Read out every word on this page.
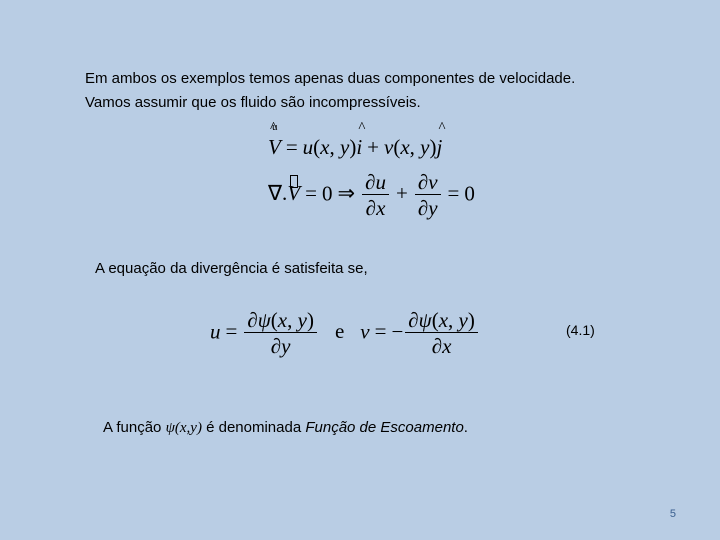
Em ambos os exemplos temos apenas duas componentes de velocidade.
Vamos assumir que os fluido são incompressíveis.
^ V
u
= u(x, y)^ i + v(x, y)^ j
∇.V = 0 ⇒ $\frac{\partial u}{\partial x} + \frac{\partial v}{\partial y} = 0$
A equação da divergência é satisfeita se,
$u = \frac{\partial\psi(x, y)}{\partial y}$ e v = − $\frac{\partial\psi(x, y)}{\partial x}$	(4.1)
A função ψ(x,y) é denominada Função de Escoamento.
5
